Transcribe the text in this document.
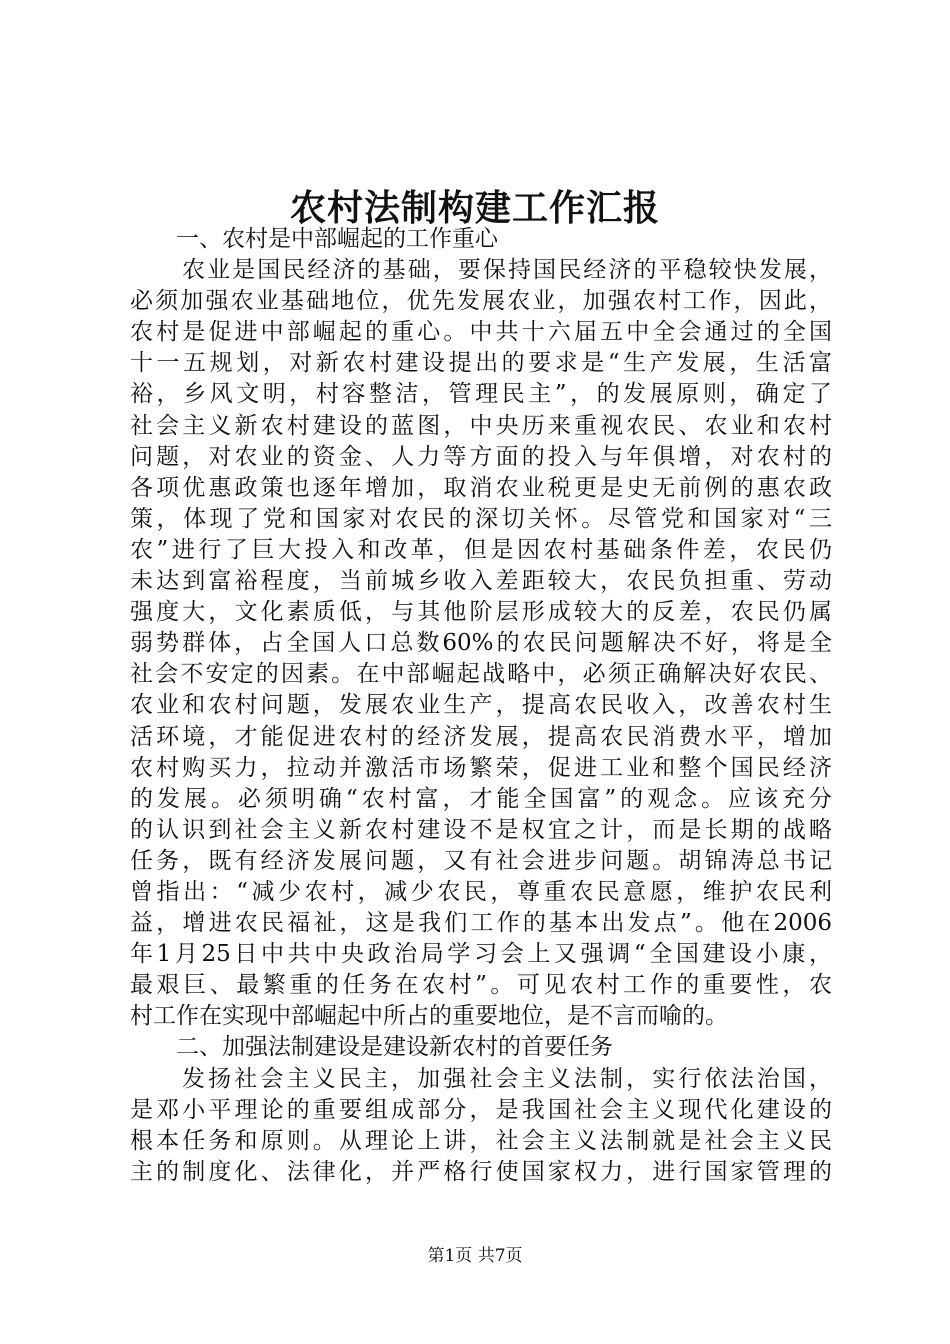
农村法制构建工作汇报
一、农村是中部崛起的工作重心
农业是国民经济的基础，要保持国民经济的平稳较快发展，
必须加强农业基础地位，优先发展农业，加强农村工作，因此，
农村是促进中部崛起的重心。中共十六届五中全会通过的全国
十一五规划，对新农村建设提出的要求是“生产发展，生活富
裕，乡风文明，村容整洁，管理民主”，的发展原则，确定了
社会主义新农村建设的蓝图，中央历来重视农民、农业和农村
问题，对农业的资金、人力等方面的投入与年俱增，对农村的
各项优惠政策也逐年增加，取消农业税更是史无前例的惠农政
策，体现了党和国家对农民的深切关怀。尽管党和国家对“三
农”进行了巨大投入和改革，但是因农村基础条件差，农民仍
未达到富裕程度，当前城乡收入差距较大，农民负担重、劳动
强度大，文化素质低，与其他阶层形成较大的反差，农民仍属
弱势群体，占全国人口总数60%的农民问题解决不好，将是全
社会不安定的因素。在中部崛起战略中，必须正确解决好农民、
农业和农村问题，发展农业生产，提高农民收入，改善农村生
活环境，才能促进农村的经济发展，提高农民消费水平，增加
农村购买力，拉动并激活市场繁荣，促进工业和整个国民经济
的发展。必须明确“农村富，才能全国富”的观念。应该充分
的认识到社会主义新农村建设不是权宜之计，而是长期的战略
任务，既有经济发展问题，又有社会进步问题。胡锦涛总书记
曾指出：“减少农村，减少农民，尊重农民意愿，维护农民利
益，增进农民福祉，这是我们工作的基本出发点”。他在2006
年1月25日中共中央政治局学习会上又强调“全国建设小康，
最艰巨、最繁重的任务在农村”。可见农村工作的重要性，农
村工作在实现中部崛起中所占的重要地位，是不言而喻的。
二、加强法制建设是建设新农村的首要任务
发扬社会主义民主，加强社会主义法制，实行依法治国，
是邓小平理论的重要组成部分，是我国社会主义现代化建设的
根本任务和原则。从理论上讲，社会主义法制就是社会主义民
主的制度化、法律化，并严格行使国家权力，进行国家管理的
第1页 共7页
